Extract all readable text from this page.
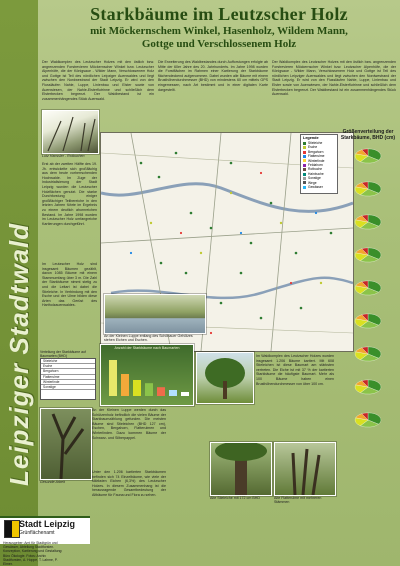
Leipziger Stadtwald
Starkbäume im Leutzscher Holz
mit Möckernschem Winkel, Hasenholz, Wildem Mann,
Gottge und Verschlossenem Holz
Der Waldkomplex des Leutzscher Holzes mit den östlich bzw. angrenzenden Forstrevieren Möckernscher Winkel bzw. Leutzscher Alpenhöfe, die der Königsaue - Wilder Mann, Verschlossenem Holz und Gottge ist Teil des nördlichen Leipziger Auenwaldes und liegt zwischen den Nordwestrand der Stadt Leipzig. Er wird von den Flussläufen Nahle, Luppe, Linienbau und Elster sowie von Auenwiesen, der Nahle-Elsterflutrinne und schließlich dem Elsterbecken begrenzt. Der Waldbestand ist ein zusammenhängendes Stück Auenwald.
Lutz Hanssler - Rotbuchen
Erst ab der zweiten Hälfte des 19. Jh. entwickelte sich großflächig aus dem heute vorherrschenden Hochwalde. Im Zuge der Industrialisierung der Stadt Leipzig wurden die Leutzscher Holzflächen genutzt. Die starke Durchforstung einiger großflächiger Teilbereiche in den letzten Jahren führte im Ergebnis zu einem deutlich ahornreichen Bestand. Im Jahre 1998 wurden im Leutzscher Holz umfangreiche Kartierungen durchgeführt.
Im Leutzscher Holz sind insgesamt Bäumen gezählt, davon 1085 Bäume mit einem Stammumfang über 3 m. Die Zahl der Starkbäume nimmt stetig zu und die Leitart ist dabei die Stieleiche. In Verbindung mit den Esche und der Ulme bilden diese Arten das Gerüst des Hartholzauenwaldes.
Die Erweiterung des Waldbestandes durch Aufforstungen erfolgte ab Mitte der 60er Jahre des 20. Jahrhunderts. Im Jahre 1998 wurden die Forstflächen im Rahmen einer Kartierung der Starkbäume flächendeckend aufgenommen. Dabei wurden alle Bäume mit einem Brusthöhendurchmesser (BHD) von mindestens 60 cm mittels GPS eingemessen, nach Art bestimmt und in einer digitalen Karte dargestellt.
Der Waldkomplex des Leutzscher Holzes mit den östlich bzw. angrenzenden Forstrevieren Möckernscher Winkel bzw. Leutzscher Alpenhöfe, die der Königsaue - Wilder Mann, Verschlossenem Holz und Gottge ist Teil des nördlichen Leipziger Auenwaldes und liegt zwischen den Nordwestrand der Stadt Leipzig. Er wird von den Flussläufen Nahle, Luppe, Linienbau und Elster sowie von Auenwiesen, der Nahle-Elsterflutrinne und schließlich dem Elsterbecken begrenzt. Der Waldbestand ist ein zusammenhängendes Stück Auenwald.
Legende
Stieleiche
Esche
Bergahorn
Flatterulme
Winterlinde
Feldahorn
Rotbuche
Hainbuche
Sonstige
Wege
Gewässer
Größenverteilung der Starkbäume, BHD (cm)
Verteilung der Starkbäume auf Baumarten (BHD)
Stieleiche
Esche
Bergahorn
Flatterulme
Winterlinde
Sonstige
An der Kleinen Luppe entlang des Schönauer Gehölzes stehen Eichen und Eschen.
Anzahl der Starkbäume nach Baumarten
Gesunde Arbeit
An der Kleinen Luppe werden durch das Schützenholz befindlich die vielen Bäume der Starkbaumzählung gefunden. Die meisten Bäume sind Stieleichen (BHD 127 cm), Eschen, Bergahorn, Flatterulmen und Winterlinden. Dazu kommen Bäume der Schwarz- und Silberpappel.
Unter den 1.206 kartierten Starkbäumen befinden sich 74 Einzelbäume, wie viele der stärksten Eichen (6,3%) des Leutzscher Holzes. In diesem Zusammenhang ist die herausragende Gesamtbedeutung der Altbäume für Fauna und Flora zu sehen.
Im Waldkomplex des Leutzscher Holzes wurden insgesamt 1.206 Bäume kartiert. Mit 608 Stieleichen ist diese Baumart am stärksten vertreten. Die Eiche ist mit 37 % der kartierten Starkbäume die häufigste Baumart. Mehr als 100 Bäume haben einen Brusthöhendurchmesser von über 100 cm.
Alte Stieleiche mit 172 cm BHD	Alte Flatterulme mit mehreren Stämmen
Stadt Leipzig
Grünflächenamt
Herausgeber: Amt für Stadtgrün und Gewässer, Abteilung Stadtforsten. Konzeption, Kartierung und Gestaltung: Büro Ökologie. Fotos: Archiv Stadtforsten, A. Hoppe, T. Lahme, P. Elmer.
